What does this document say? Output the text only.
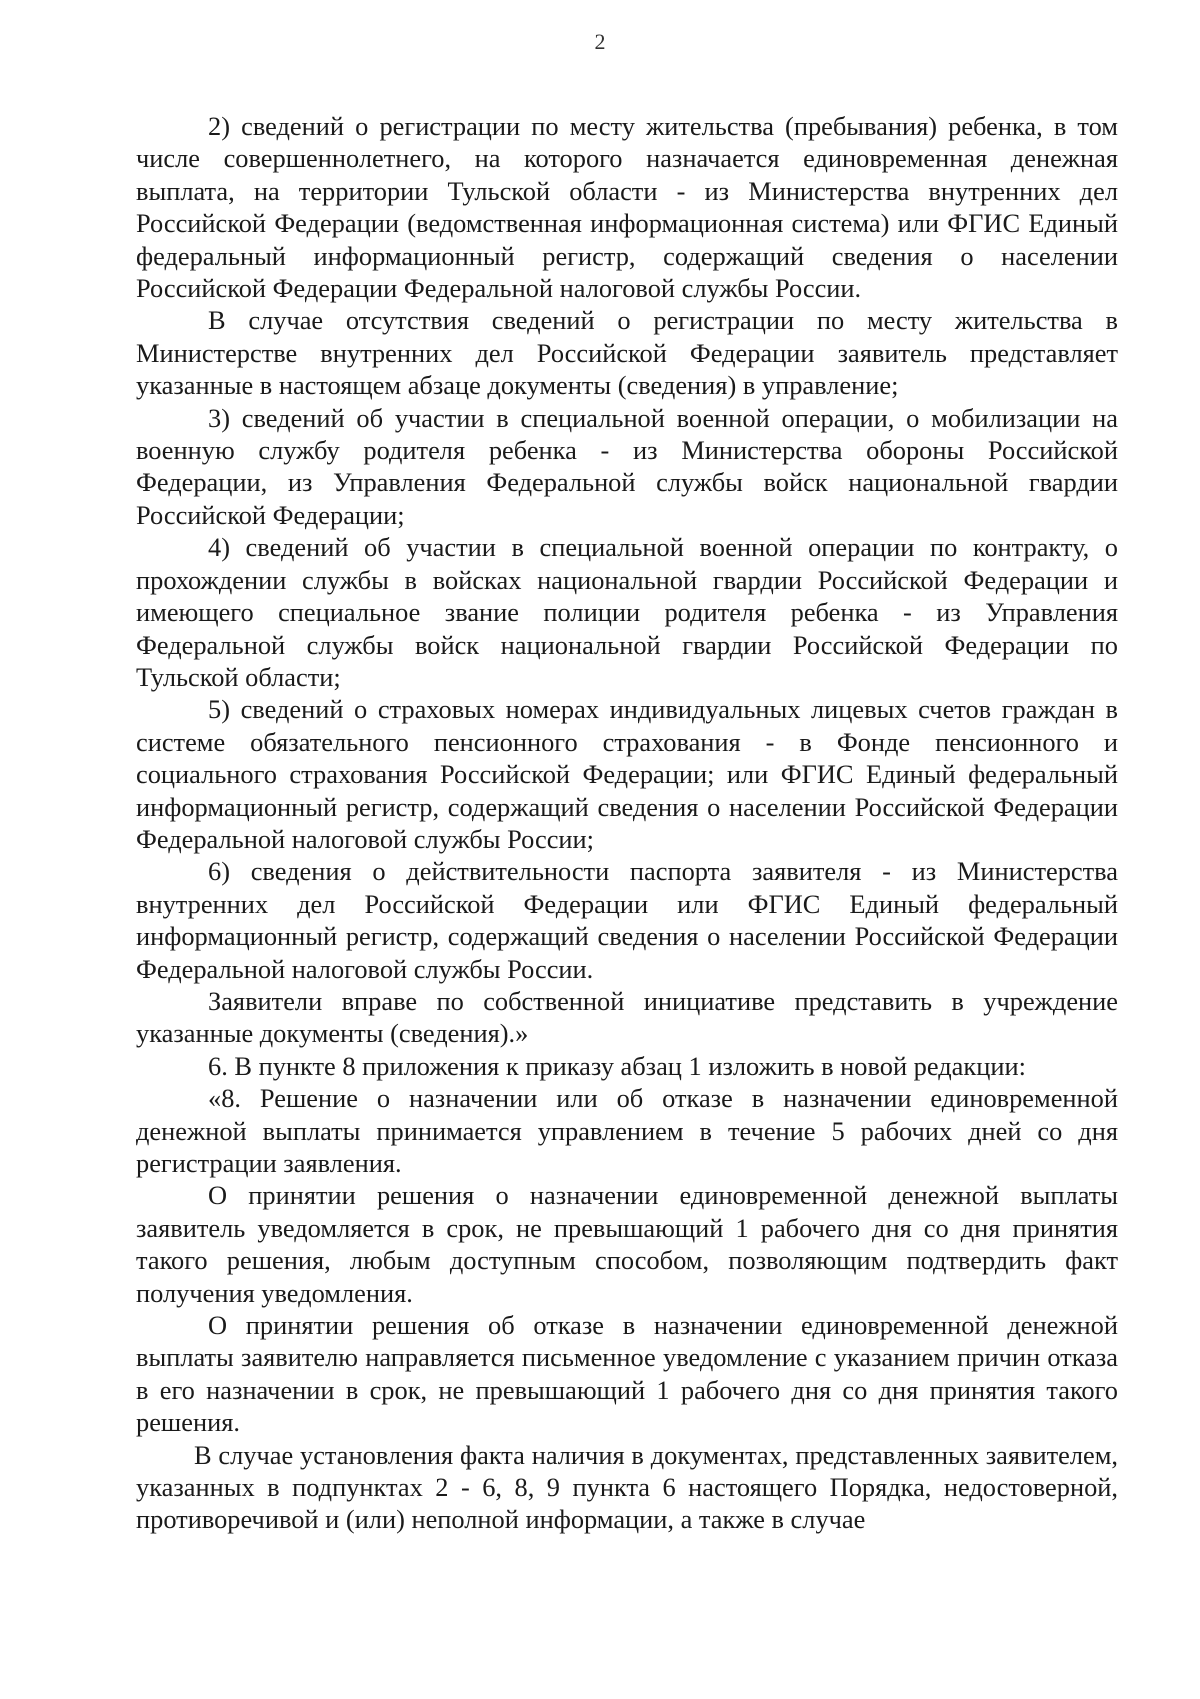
2

2) сведений о регистрации по месту жительства (пребывания) ребенка, в том числе совершеннолетнего, на которого назначается единовременная денежная выплата, на территории Тульской области - из Министерства внутренних дел Российской Федерации (ведомственная информационная система) или ФГИС Единый федеральный информационный регистр, содержащий сведения о населении Российской Федерации Федеральной налоговой службы России.

В случае отсутствия сведений о регистрации по месту жительства в Министерстве внутренних дел Российской Федерации заявитель представляет указанные в настоящем абзаце документы (сведения) в управление;

3) сведений об участии в специальной военной операции, о мобилизации на военную службу родителя ребенка - из Министерства обороны Российской Федерации, из Управления Федеральной службы войск национальной гвардии Российской Федерации;

4) сведений об участии в специальной военной операции по контракту, о прохождении службы в войсках национальной гвардии Российской Федерации и имеющего специальное звание полиции родителя ребенка - из Управления Федеральной службы войск национальной гвардии Российской Федерации по Тульской области;

5) сведений о страховых номерах индивидуальных лицевых счетов граждан в системе обязательного пенсионного страхования - в Фонде пенсионного и социального страхования Российской Федерации; или ФГИС Единый федеральный информационный регистр, содержащий сведения о населении Российской Федерации Федеральной налоговой службы России;

6) сведения о действительности паспорта заявителя - из Министерства внутренних дел Российской Федерации или ФГИС Единый федеральный информационный регистр, содержащий сведения о населении Российской Федерации Федеральной налоговой службы России.

Заявители вправе по собственной инициативе представить в учреждение указанные документы (сведения).»

6. В пункте 8 приложения к приказу абзац 1 изложить в новой редакции:

«8. Решение о назначении или об отказе в назначении единовременной денежной выплаты принимается управлением в течение 5 рабочих дней со дня регистрации заявления.

О принятии решения о назначении единовременной денежной выплаты заявитель уведомляется в срок, не превышающий 1 рабочего дня со дня принятия такого решения, любым доступным способом, позволяющим подтвердить факт получения уведомления.

О принятии решения об отказе в назначении единовременной денежной выплаты заявителю направляется письменное уведомление с указанием причин отказа в его назначении в срок, не превышающий 1 рабочего дня со дня принятия такого решения.

В случае установления факта наличия в документах, представленных заявителем, указанных в подпунктах 2 - 6, 8, 9 пункта 6 настоящего Порядка, недостоверной, противоречивой и (или) неполной информации, а также в случае
